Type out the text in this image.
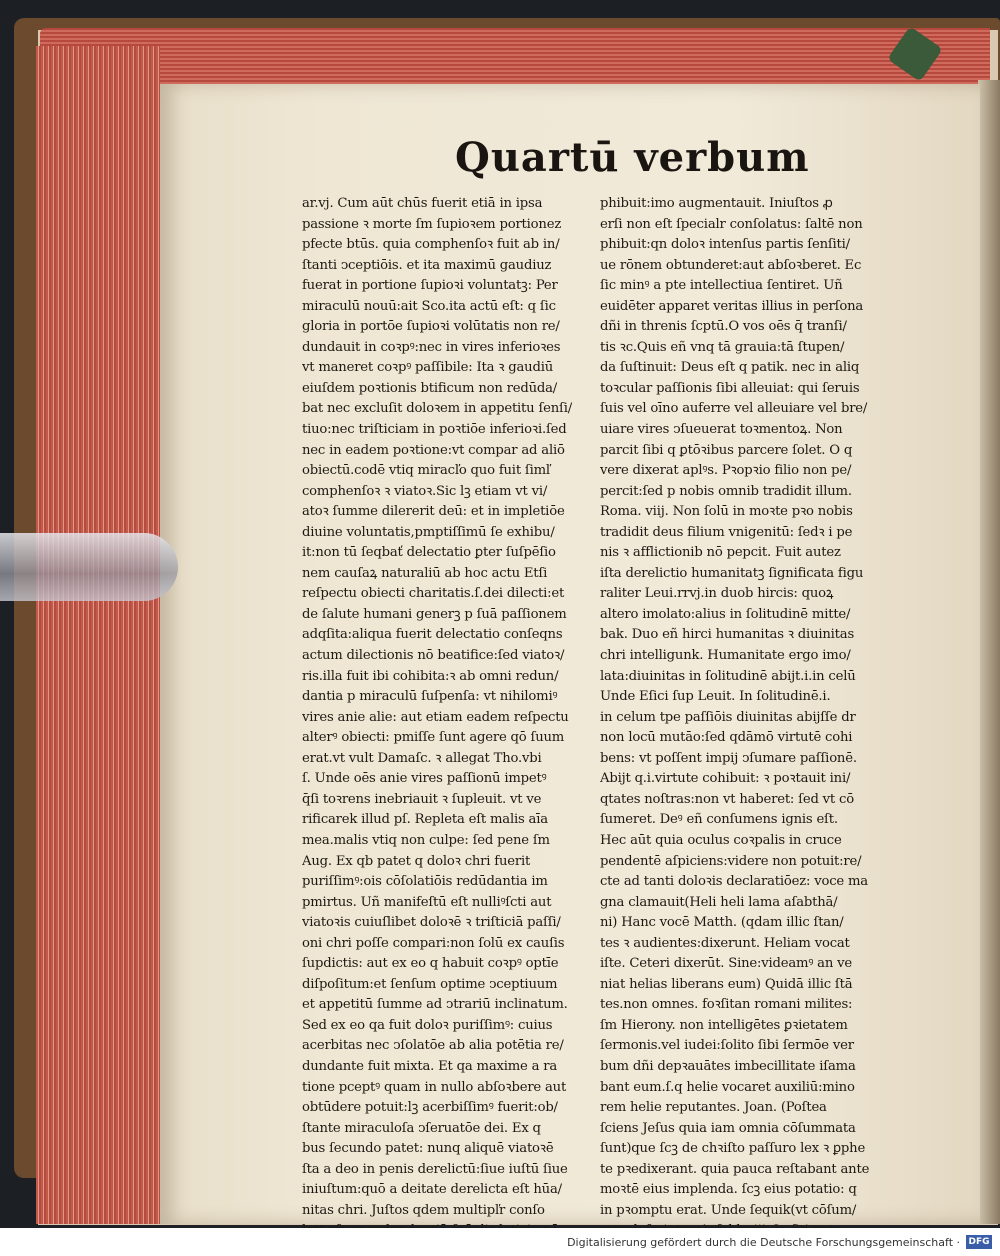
Quartū verbum
ar.vj. Cum aūt chūs fuerit etiā in ipsa
passione ꝛ morte ſm ſupioꝛem portionez
pfecte btūs. quia comphenſoꝛ fuit ab in/
ſtanti ↄceptiōis. et ita maximū gaudiuz
fuerat in portione ſupioꝛi voluntatꝫ: Per
miraculū nouū:ait Sco.ita actū eſt: q ſic
gloria in portōe ſupioꝛi volūtatis non re/
dundauit in coꝛpꝰ:nec in vires inferioꝛes
vt maneret coꝛpꝰ paſſibile: Ita ꝛ gaudiū
eiuſdem poꝛtionis btificum non redūda/
bat nec excluſit doloꝛem in appetitu ſenſi/
tiuo:nec triſticiam in poꝛtiōe inferioꝛi.ſed
nec in eadem poꝛtione:vt compar ad aliō
obiectū.codē vtiq miracľo quo fuit ſimľ
comphenſoꝛ ꝛ viatoꝛ.Sic lꝫ etiam vt vi/
atoꝛ ſumme dilererit deū: et in impletiōe
diuine voluntatis,pmptiſſimū ſe exhibu/
it:non tū ſeqbať delectatio ꝑter ſuſpēſio
nem cauſaꝝ naturaliū ab hoc actu Etſi
reſpectu obiecti charitatis.ſ.dei dilecti:et
de ſalute humani generꝫ p ſuā paſſionem
adqſita:aliqua fuerit delectatio conſeqns
actum dilectionis nō beatifice:ſed viatoꝛ/
ris.illa fuit ibi cohibita:ꝛ ab omni redun/
dantia p miraculū ſuſpenſa: vt nihilomiꝰ
vires anie alie: aut etiam eadem reſpectu
alterꝰ obiecti: pmiſſe ſunt agere qō ſuum
erat.vt vult Damaſc. ꝛ allegat Tho.vbi
ſ. Unde oēs anie vires paſſionū impetꝰ
q̄ſi toꝛrens inebriauit ꝛ ſupleuit. vt ve
rificarek illud pſ. Repleta eſt malis aīa
mea.malis vtiq non culpe: ſed pene ſm
Aug. Ex qb patet q doloꝛ chri fuerit
puriſſimꝰ:ois cōſolatiōis redūdantia im
pmirtus. Uñ manifeſtū eſt nulliꝰſcti aut
viatoꝛis cuiuſlibet doloꝛē ꝛ triſticiā paſſi/
oni chri poſſe compari:non ſolū ex cauſis
ſupdictis: aut ex eo q habuit coꝛpꝰ optīe
diſpoſitum:et ſenſum optime ↄceptiuum
et appetitū ſumme ad ↄtrariū inclinatum.
Sed ex eo qa fuit doloꝛ puriſſimꝰ: cuius
acerbitas nec ↄſolatōe ab alia potētia re/
dundante fuit mixta. Et qa maxime a ra
tione pceptꝰ quam in nullo abſoꝛbere aut
obtūdere potuit:lꝫ acerbiſſimꝰ fuerit:ob/
ſtante miraculoſa ↄſeruatōe dei. Ex q
bus ſecundo patet: nunq aliquē viatoꝛē
ſta a deo in penis derelictū:ſiue iuſtū ſiue
iniuſtum:quō a deitate derelicta eſt hūa/
nitas chri. Juſtos qdem multipľr conſo
phibuit:imo augmentauit. Iniuſtos ꝓ
erſi non eſt ſpecialr conſolatus: ſaltē non
phibuit:qn doloꝛ intenſus partis ſenſiti/
ue rōnem obtunderet:aut abſoꝛberet. Ec
ſic minꝰ a pte intellectiua ſentiret. Uñ
euidēter apparet veritas illius in perſona
dñi in threnis ſcptū.O vos oēs q̄ tranſi/
tis ꝛc.Quis eñ vnq tā grauia:tā ſtupen/
da ſuſtinuit: Deus eſt q patik. nec in aliq
toꝛcular paſſionis ſibi alleuiat: qui ſeruis
ſuis vel oīno auferre vel alleuiare vel bre/
uiare vires ↄſueuerat toꝛmentoꝝ. Non
parcit ſibi q ꝑtōꝛibus parcere ſolet. O q
vere dixerat aplꝰs. Pꝛopꝛio filio non pe/
percit:ſed p nobis omnib tradidit illum.
Roma. viij. Non ſolū in moꝛte pꝛo nobis
tradidit deus filium vnigenitū: ſedꝛ i pe
nis ꝛ afflictionib nō pepcit. Fuit autez
iſta derelictio humanitatꝫ ſignificata figu
raliter Leui.rrvj.in duob hircis: quoꝝ
altero imolato:alius in ſolitudinē mitte/
bak. Duo eñ hirci humanitas ꝛ diuinitas
chri intelligunk. Humanitate ergo imo/
lata:diuinitas in ſolitudinē abijt.i.in celū
Unde Eſici ſup Leuit. In ſolitudinē.i.
in celum tpe paſſiōis diuinitas abijſſe dr
non locū mutāo:ſed qdāmō virtutē cohi
bens: vt poſſent impij ↄſumare paſſionē.
Abijt q.i.virtute cohibuit: ꝛ poꝛtauit ini/
qtates noſtras:non vt haberet: ſed vt cō
ſumeret. Deꝰ eñ conſumens ignis eſt.
Hec aūt quia oculus coꝛpalis in cruce
pendentē aſpiciens:videre non potuit:re/
cte ad tanti doloꝛis declaratiōez: voce ma
gna clamauit(Heli heli lama aſabthā/
ni) Hanc vocē Matth. (qdam illic ſtan/
tes ꝛ audientes:dixerunt. Heliam vocat
iſte. Ceteri dixerūt. Sine:videamꝰ an ve
niat helias liberans eum) Quidā illic ſtā
tes.non omnes. foꝛſitan romani milites:
ſm Hierony. non intelligētes ꝑꝛietatem
ſermonis.vel iudei:ſolito ſibi ſermōe ver
bum dñi depꝛauātes imbecillitate iſama
bant eum.ſ.q helie vocaret auxiliū:mino
rem helie reputantes. Joan. (Poſtea
ſciens Jeſus quia iam omnia cōſummata
ſunt)que ſcꝫ de chꝛiſto paſſuro lex ꝛ ꝑphe
te pꝛedixerant. quia pauca reſtabant ante
moꝛtē eius implenda. ſcꝫ eius potatio: q
in pꝛomptu erat. Unde ſequik(vt cōſum/
Digitalisierung gefördert durch die Deutsche Forschungsgemeinschaft · DFG
